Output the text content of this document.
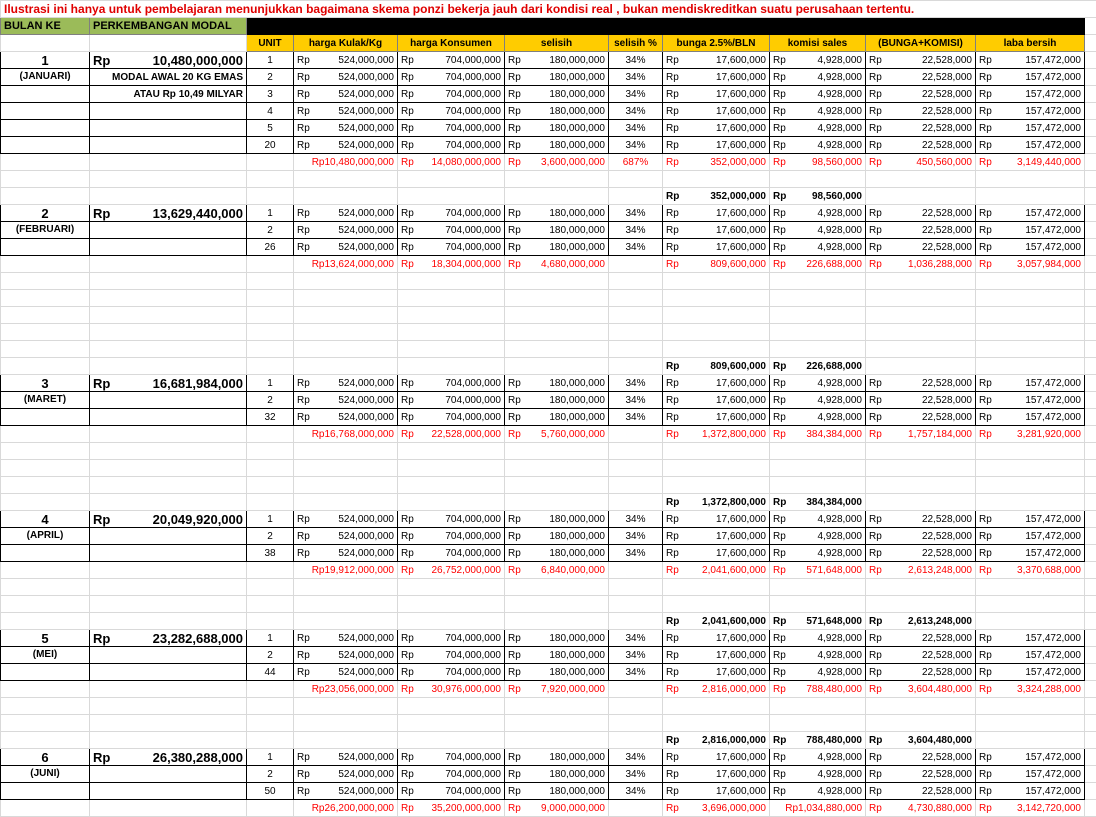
Ilustrasi ini hanya untuk pembelajaran menunjukkan bagaimana skema ponzi bekerja jauh dari kondisi real , bukan mendiskreditkan suatu perusahaan tertentu.											
BULAN KE	PERKEMBANGAN MODAL										
		UNIT	harga Kulak/Kg	harga Konsumen	selisih	selisih %	bunga 2.5%/BLN	komisi sales	(BUNGA+KOMISI)	laba bersih	
1	Rp 10,480,000,000	1	Rp 524,000,000	Rp 704,000,000	Rp 180,000,000	34%	Rp 17,600,000	Rp 4,928,000	Rp 22,528,000	Rp 157,472,000	

(JANUARI)	MODAL AWAL 20 KG EMAS	2	Rp 524,000,000	Rp 704,000,000	Rp 180,000,000	34%	Rp 17,600,000	Rp 4,928,000	Rp 22,528,000	Rp 157,472,000	

	ATAU Rp 10,49 MILYAR	3	Rp 524,000,000	Rp 704,000,000	Rp 180,000,000	34%	Rp 17,600,000	Rp 4,928,000	Rp 22,528,000	Rp 157,472,000	

		4	Rp 524,000,000	Rp 704,000,000	Rp 180,000,000	34%	Rp 17,600,000	Rp 4,928,000	Rp 22,528,000	Rp 157,472,000	

		5	Rp 524,000,000	Rp 704,000,000	Rp 180,000,000	34%	Rp 17,600,000	Rp 4,928,000	Rp 22,528,000	Rp 157,472,000	

		20	Rp 524,000,000	Rp 704,000,000	Rp 180,000,000	34%	Rp 17,600,000	Rp 4,928,000	Rp 22,528,000	Rp 157,472,000	

			Rp10,480,000,000	Rp 14,080,000,000	Rp 3,600,000,000	687%	Rp 352,000,000	Rp 98,560,000	Rp 450,560,000	Rp 3,149,440,000	

							Rp 352,000,000	Rp 98,560,000			

2	Rp 13,629,440,000	1	Rp 524,000,000	Rp 704,000,000	Rp 180,000,000	34%	Rp 17,600,000	Rp 4,928,000	Rp 22,528,000	Rp 157,472,000	

(FEBRUARI)		2	Rp 524,000,000	Rp 704,000,000	Rp 180,000,000	34%	Rp 17,600,000	Rp 4,928,000	Rp 22,528,000	Rp 157,472,000	

		26	Rp 524,000,000	Rp 704,000,000	Rp 180,000,000	34%	Rp 17,600,000	Rp 4,928,000	Rp 22,528,000	Rp 157,472,000	

			Rp13,624,000,000	Rp 18,304,000,000	Rp 4,680,000,000		Rp 809,600,000	Rp 226,688,000	Rp 1,036,288,000	Rp 3,057,984,000	

							Rp 809,600,000	Rp 226,688,000			

3	Rp 16,681,984,000	1	Rp 524,000,000	Rp 704,000,000	Rp 180,000,000	34%	Rp 17,600,000	Rp 4,928,000	Rp 22,528,000	Rp 157,472,000	

(MARET)		2	Rp 524,000,000	Rp 704,000,000	Rp 180,000,000	34%	Rp 17,600,000	Rp 4,928,000	Rp 22,528,000	Rp 157,472,000	

		32	Rp 524,000,000	Rp 704,000,000	Rp 180,000,000	34%	Rp 17,600,000	Rp 4,928,000	Rp 22,528,000	Rp 157,472,000	

			Rp16,768,000,000	Rp 22,528,000,000	Rp 5,760,000,000		Rp 1,372,800,000	Rp 384,384,000	Rp 1,757,184,000	Rp 3,281,920,000	

							Rp 1,372,800,000	Rp 384,384,000			

4	Rp 20,049,920,000	1	Rp 524,000,000	Rp 704,000,000	Rp 180,000,000	34%	Rp 17,600,000	Rp 4,928,000	Rp 22,528,000	Rp 157,472,000	

(APRIL)		2	Rp 524,000,000	Rp 704,000,000	Rp 180,000,000	34%	Rp 17,600,000	Rp 4,928,000	Rp 22,528,000	Rp 157,472,000	

		38	Rp 524,000,000	Rp 704,000,000	Rp 180,000,000	34%	Rp 17,600,000	Rp 4,928,000	Rp 22,528,000	Rp 157,472,000	

			Rp19,912,000,000	Rp 26,752,000,000	Rp 6,840,000,000		Rp 2,041,600,000	Rp 571,648,000	Rp 2,613,248,000	Rp 3,370,688,000	

							Rp 2,041,600,000	Rp 571,648,000	Rp 2,613,248,000		

5	Rp 23,282,688,000	1	Rp 524,000,000	Rp 704,000,000	Rp 180,000,000	34%	Rp 17,600,000	Rp 4,928,000	Rp 22,528,000	Rp 157,472,000	

(MEI)		2	Rp 524,000,000	Rp 704,000,000	Rp 180,000,000	34%	Rp 17,600,000	Rp 4,928,000	Rp 22,528,000	Rp 157,472,000	

		44	Rp 524,000,000	Rp 704,000,000	Rp 180,000,000	34%	Rp 17,600,000	Rp 4,928,000	Rp 22,528,000	Rp 157,472,000	

			Rp23,056,000,000	Rp 30,976,000,000	Rp 7,920,000,000		Rp 2,816,000,000	Rp 788,480,000	Rp 3,604,480,000	Rp 3,324,288,000	

							Rp 2,816,000,000	Rp 788,480,000	Rp 3,604,480,000		

6	Rp 26,380,288,000	1	Rp 524,000,000	Rp 704,000,000	Rp 180,000,000	34%	Rp 17,600,000	Rp 4,928,000	Rp 22,528,000	Rp 157,472,000	

(JUNI)		2	Rp 524,000,000	Rp 704,000,000	Rp 180,000,000	34%	Rp 17,600,000	Rp 4,928,000	Rp 22,528,000	Rp 157,472,000	

		50	Rp 524,000,000	Rp 704,000,000	Rp 180,000,000	34%	Rp 17,600,000	Rp 4,928,000	Rp 22,528,000	Rp 157,472,000	

			Rp26,200,000,000	Rp 35,200,000,000	Rp 9,000,000,000		Rp 3,696,000,000	Rp1,034,880,000	Rp 4,730,880,000	Rp 3,142,720,000	
